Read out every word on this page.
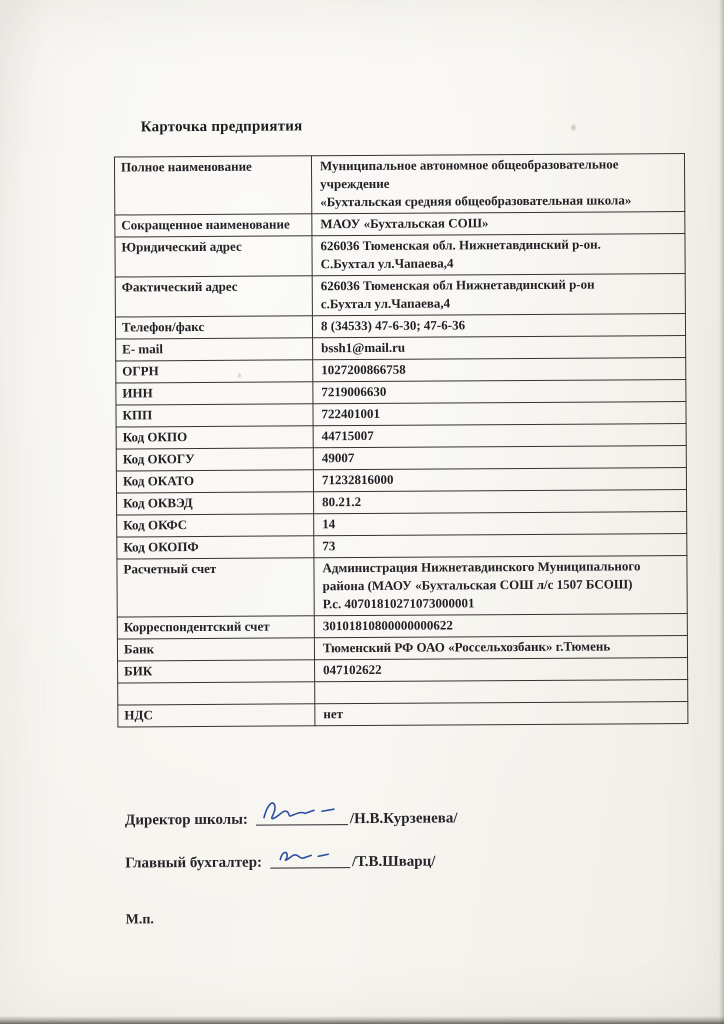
Карточка предприятия
Полное наименование	Муниципальное автономное общеобразовательное
учреждение
«Бухтальская средняя общеобразовательная школа»
Сокращенное наименование	МАОУ «Бухтальская СОШ»
Юридический адрес	626036 Тюменская обл. Нижнетавдинский р-он.
С.Бухтал ул.Чапаева,4
Фактический адрес	626036 Тюменская обл Нижнетавдинский р-он
с.Бухтал ул.Чапаева,4
Телефон/факс	8 (34533) 47-6-30; 47-6-36
E- mail	bssh1@mail.ru
ОГРН	1027200866758
ИНН	7219006630
КПП	722401001
Код ОКПО	44715007
Код ОКОГУ	49007
Код ОКАТО	71232816000
Код ОКВЭД	80.21.2
Код ОКФС	14
Код ОКОПФ	73
Расчетный счет	Администрация Нижнетавдинского Муниципального
района (МАОУ «Бухтальская СОШ л/с 1507 БСОШ)
Р.с. 40701810271073000001
Корреспондентский счет	30101810800000000622
Банк	Тюменский РФ ОАО «Россельхозбанк» г.Тюмень
БИК	047102622

НДС	нет
Директор школы:	/Н.В.Курзенева/
Главный бухгалтер:	/Т.В.Шварц/
М.п.
